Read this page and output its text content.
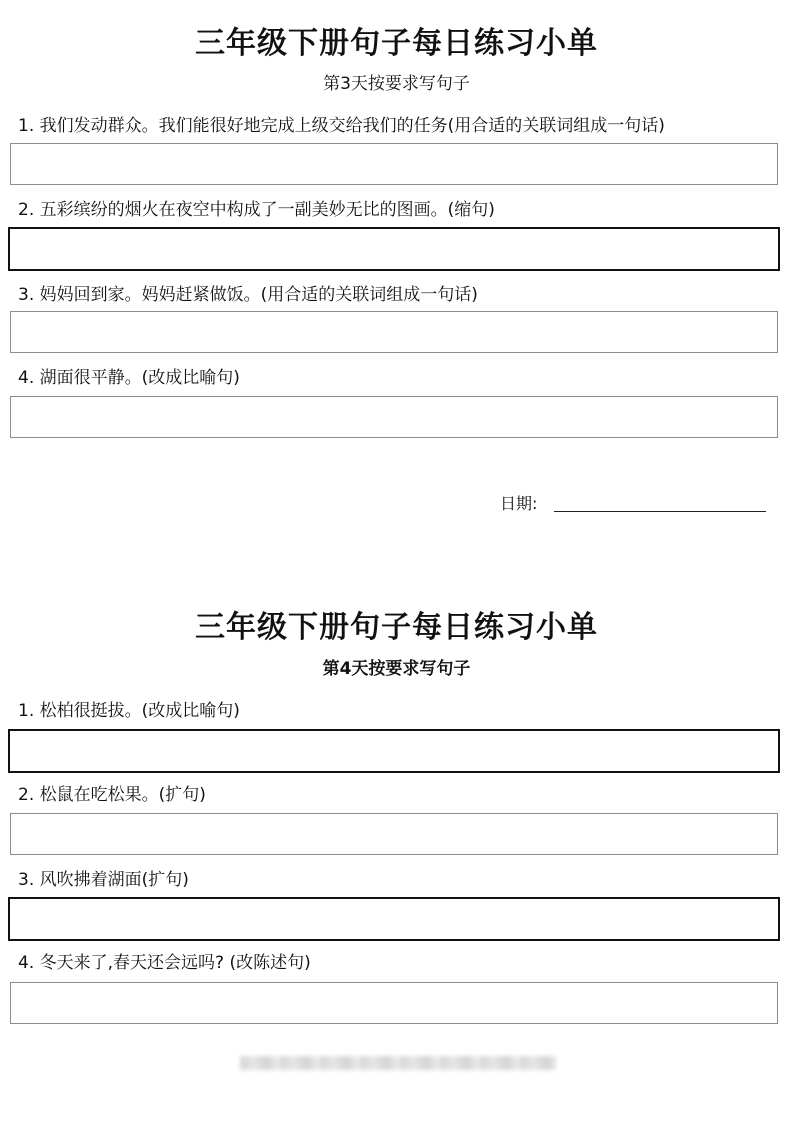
三年级下册句子每日练习小单
第3天按要求写句子
1. 我们发动群众。我们能很好地完成上级交给我们的任务(用合适的关联词组成一句话)
2. 五彩缤纷的烟火在夜空中构成了一副美妙无比的图画。(缩句)
3. 妈妈回到家。妈妈赶紧做饭。(用合适的关联词组成一句话)
4. 湖面很平静。(改成比喻句)
日期:
三年级下册句子每日练习小单
第4天按要求写句子
1. 松柏很挺拔。(改成比喻句)
2. 松鼠在吃松果。(扩句)
3. 风吹拂着湖面(扩句)
4. 冬天来了,春天还会远吗? (改陈述句)
